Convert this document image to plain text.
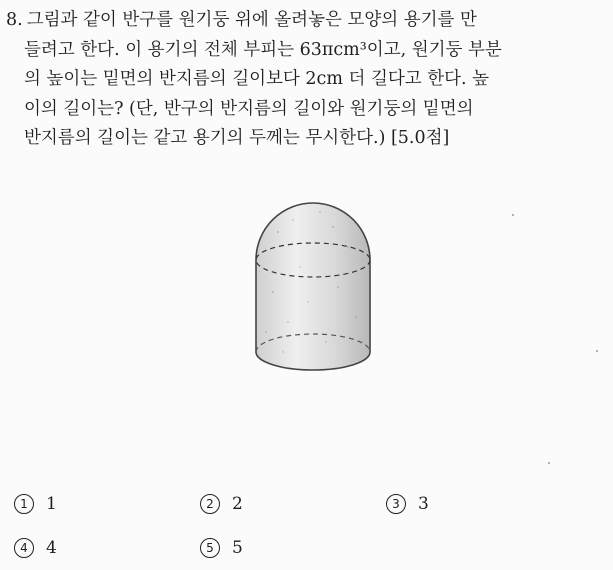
8. 그림과 같이 반구를 원기둥 위에 올려놓은 모양의 용기를 만
들려고 한다. 이 용기의 전체 부피는 63πcm³이고, 원기둥 부분
의 높이는 밑면의 반지름의 길이보다 2cm 더 길다고 한다. 높
이의 길이는? (단, 반구의 반지름의 길이와 원기둥의 밑면의
반지름의 길이는 같고 용기의 두께는 무시한다.) [5.0점]
1	1	2	2	3	3
4	4	5	5
